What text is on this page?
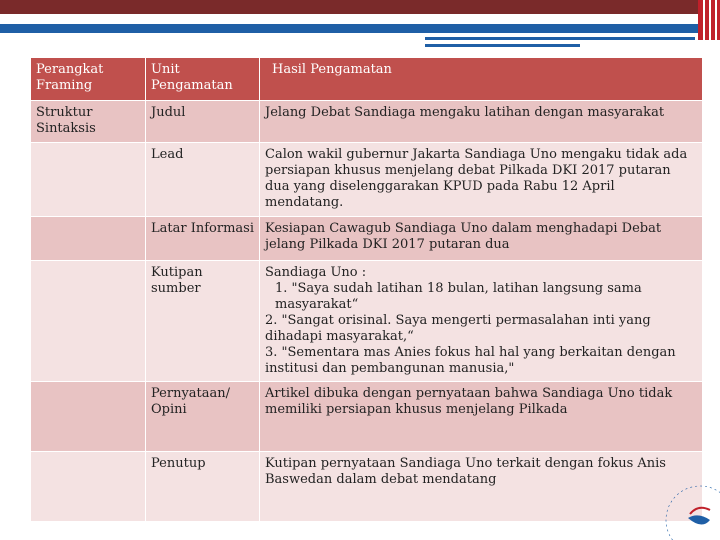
Perangkat Framing	Unit Pengamatan	Hasil Pengamatan
Struktur Sintaksis	Judul	Jelang Debat Sandiaga mengaku latihan dengan masyarakat
	Lead	Calon wakil gubernur Jakarta Sandiaga Uno mengaku tidak ada persiapan khusus menjelang debat Pilkada DKI 2017 putaran dua yang diselenggarakan KPUD pada Rabu 12 April mendatang.
	Latar Informasi	Kesiapan Cawagub Sandiaga Uno dalam menghadapi Debat jelang Pilkada DKI 2017 putaran dua
	Kutipan sumber	Sandiaga Uno :
1. "Saya sudah latihan 18 bulan, latihan langsung sama masyarakat“
2. "Sangat orisinal. Saya mengerti permasalahan inti yang dihadapi masyarakat,“
3. "Sementara mas Anies fokus hal hal yang berkaitan dengan institusi dan pembangunan manusia,"

	Pernyataan/ Opini	Artikel dibuka dengan pernyataan bahwa Sandiaga Uno tidak memiliki persiapan khusus menjelang Pilkada
	Penutup	Kutipan pernyataan Sandiaga Uno terkait dengan fokus Anis Baswedan dalam debat mendatang
